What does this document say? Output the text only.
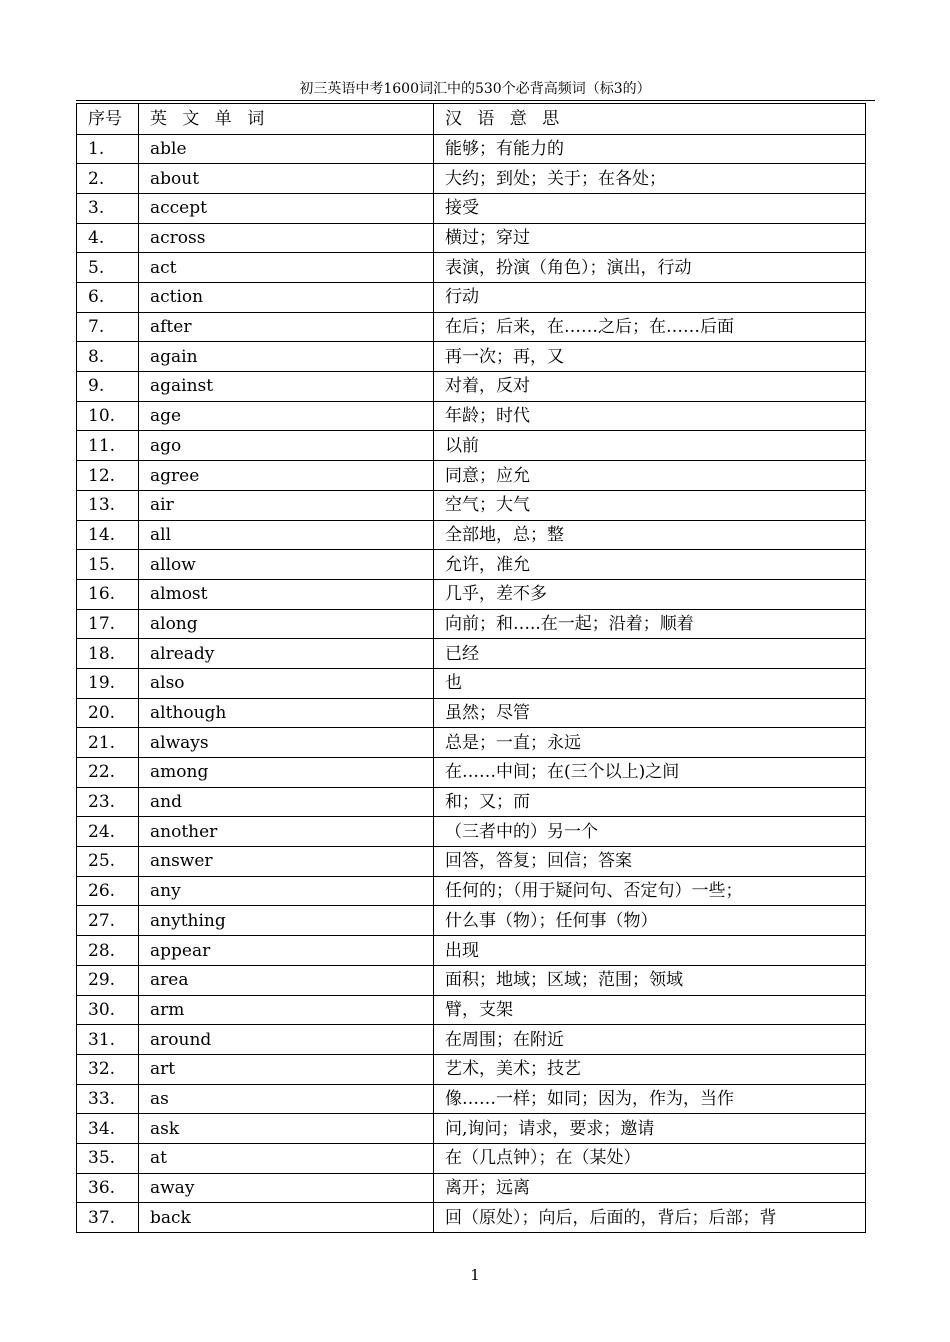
初三英语中考1600词汇中的530个必背高频词（标3的）
序号	英 文 单 词	汉 语 意 思
1.	able	能够；有能力的
2.	about	大约；到处；关于；在各处；
3.	accept	接受
4.	across	横过；穿过
5.	act	表演，扮演（角色）；演出，行动
6.	action	行动
7.	after	在后；后来，在……之后；在……后面
8.	again	再一次；再，又
9.	against	对着，反对
10.	age	年龄；时代
11.	ago	以前
12.	agree	同意；应允
13.	air	空气；大气
14.	all	全部地，总；整
15.	allow	允许，准允
16.	almost	几乎，差不多
17.	along	向前；和…..在一起；沿着；顺着
18.	already	已经
19.	also	也
20.	although	虽然；尽管
21.	always	总是；一直；永远
22.	among	在……中间；在(三个以上)之间
23.	and	和；又；而
24.	another	（三者中的）另一个
25.	answer	回答，答复；回信；答案
26.	any	任何的；（用于疑问句、否定句）一些；
27.	anything	什么事（物）；任何事（物）
28.	appear	出现
29.	area	面积；地域；区域；范围；领域
30.	arm	臂，支架
31.	around	在周围；在附近
32.	art	艺术，美术；技艺
33.	as	像……一样；如同；因为，作为，当作
34.	ask	问,询问；请求，要求；邀请
35.	at	在（几点钟）；在（某处）
36.	away	离开；远离
37.	back	回（原处）；向后，后面的，背后；后部；背
1
